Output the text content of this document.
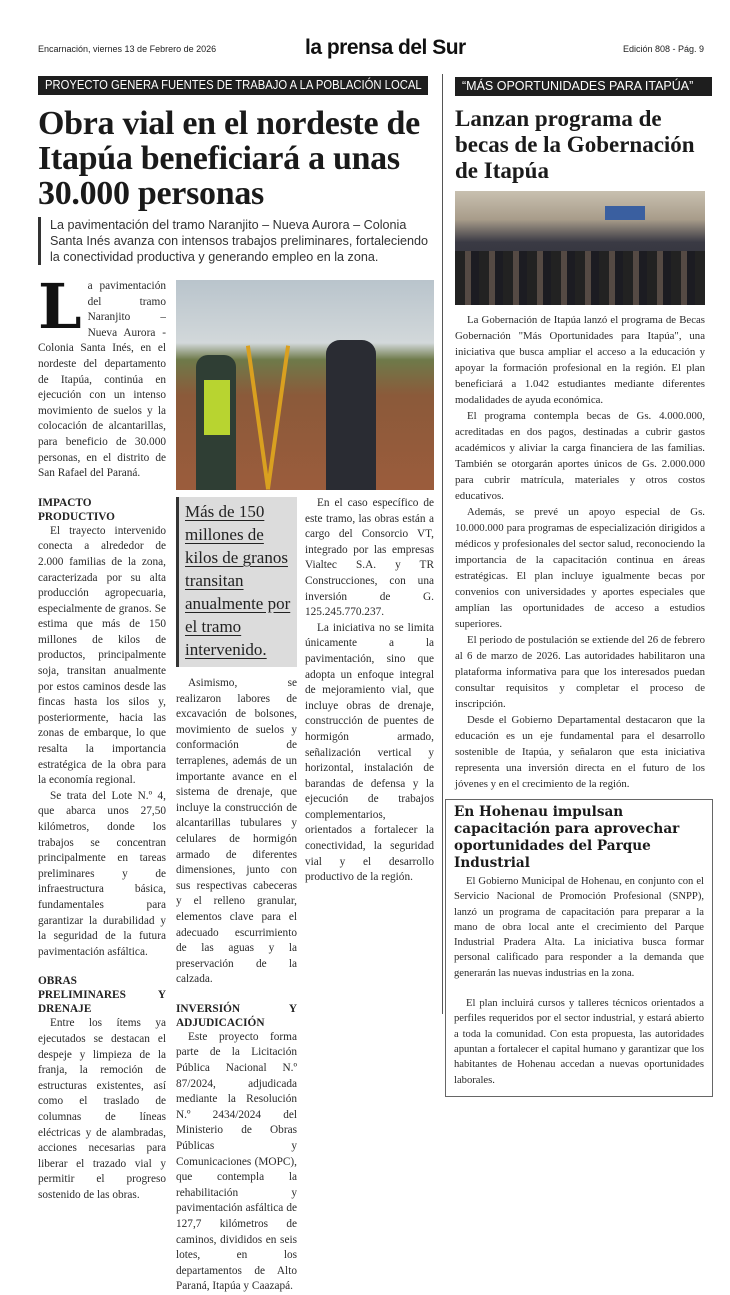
Encarnación, viernes 13 de Febrero de 2026	la prensa del Sur	Edición 808 - Pág. 9
PROYECTO GENERA FUENTES DE TRABAJO A LA POBLACIÓN LOCAL	“MÁS OPORTUNIDADES PARA ITAPÚA”
Obra vial en el nordeste de Itapúa beneficiará a unas 30.000 personas
La pavimentación del tramo Naranjito – Nueva Aurora – Colonia Santa Inés avanza con intensos trabajos preliminares, fortaleciendo la conectividad productiva y generando empleo en la zona.
L a pavimentación del tramo Naranjito – Nueva Aurora - Colonia Santa Inés, en el nordeste del departamento de Itapúa, continúa en ejecución con un intenso movimiento de suelos y la colocación de alcantarillas, para beneficio de 30.000 personas, en el distrito de San Rafael del Paraná.
IMPACTO PRODUCTIVO

El trayecto intervenido conecta a alrededor de 2.000 familias de la zona, caracterizada por su alta producción agropecuaria, especialmente de granos. Se estima que más de 150 millones de kilos de productos, principalmente soja, transitan anualmente por estos caminos desde las fincas hasta los silos y, posteriormente, hacia las zonas de embarque, lo que resalta la importancia estratégica de la obra para la economía regional.

Se trata del Lote N.º 4, que abarca unos 27,50 kilómetros, donde los trabajos se concentran principalmente en tareas preliminares y de infraestructura básica, fundamentales para garantizar la durabilidad y la seguridad de la futura pavimentación asfáltica.

OBRAS PRELIMINARES Y DRENAJE

Entre los ítems ya ejecutados se destacan el despeje y limpieza de la franja, la remoción de estructuras existentes, así como el traslado de columnas de líneas eléctricas y de alambradas, acciones necesarias para liberar el trazado vial y permitir el progreso sostenido de las obras.

Más de 150 millones de kilos de granos transitan anualmente por el tramo intervenido.

Asimismo, se realizaron labores de excavación de bolsones, movimiento de suelos y conformación de terraplenes, además de un importante avance en el sistema de drenaje, que incluye la construcción de alcantarillas tubulares y celulares de hormigón armado de diferentes dimensiones, junto con sus respectivas cabeceras y el relleno granular, elementos clave para el adecuado escurrimiento de las aguas y la preservación de la calzada.

INVERSIÓN Y ADJUDICACIÓN

Este proyecto forma parte de la Licitación Pública Nacional N.º 87/2024, adjudicada mediante la Resolución N.º 2434/2024 del Ministerio de Obras Públicas y Comunicaciones (MOPC), que contempla la rehabilitación y pavimentación asfáltica de 127,7 kilómetros de caminos, divididos en seis lotes, en los departamentos de Alto Paraná, Itapúa y Caazapá.

En el caso específico de este tramo, las obras están a cargo del Consorcio VT, integrado por las empresas Vialtec S.A. y TR Construcciones, con una inversión de G. 125.245.770.237.

La iniciativa no se limita únicamente a la pavimentación, sino que adopta un enfoque integral de mejoramiento vial, que incluye obras de drenaje, construcción de puentes de hormigón armado, señalización vertical y horizontal, instalación de barandas de defensa y la ejecución de trabajos complementarios, orientados a fortalecer la conectividad, la seguridad vial y el desarrollo productivo de la región.

Lanzan programa de becas de la Gobernación de Itapúa

La Gobernación de Itapúa lanzó el programa de Becas Gobernación "Más Oportunidades para Itapúa", una iniciativa que busca ampliar el acceso a la educación y apoyar la formación profesional en la región. El plan beneficiará a 1.042 estudiantes mediante diferentes modalidades de ayuda económica.

El programa contempla becas de Gs. 4.000.000, acreditadas en dos pagos, destinadas a cubrir gastos académicos y aliviar la carga financiera de las familias. También se otorgarán aportes únicos de Gs. 2.000.000 para cubrir matrícula, materiales y otros costos educativos.

Además, se prevé un apoyo especial de Gs. 10.000.000 para programas de especialización dirigidos a médicos y profesionales del sector salud, reconociendo la importancia de la capacitación continua en áreas estratégicas. El plan incluye igualmente becas por convenios con universidades y aportes especiales que amplían las oportunidades de acceso a estudios superiores.

El periodo de postulación se extiende del 26 de febrero al 6 de marzo de 2026. Las autoridades habilitaron una plataforma informativa para que los interesados puedan consultar requisitos y completar el proceso de inscripción.

Desde el Gobierno Departamental destacaron que la educación es un eje fundamental para el desarrollo sostenible de Itapúa, y señalaron que esta iniciativa representa una inversión directa en el futuro de los jóvenes y en el crecimiento de la región.

En Hohenau impulsan capacitación para aprovechar oportunidades del Parque Industrial

El Gobierno Municipal de Hohenau, en conjunto con el Servicio Nacional de Promoción Profesional (SNPP), lanzó un programa de capacitación para preparar a la mano de obra local ante el crecimiento del Parque Industrial Pradera Alta. La iniciativa busca formar personal calificado para responder a la demanda que generarán las nuevas industrias en la zona.

El plan incluirá cursos y talleres técnicos orientados a perfiles requeridos por el sector industrial, y estará abierto a toda la comunidad. Con esta propuesta, las autoridades apuntan a fortalecer el capital humano y garantizar que los habitantes de Hohenau accedan a nuevas oportunidades laborales.
